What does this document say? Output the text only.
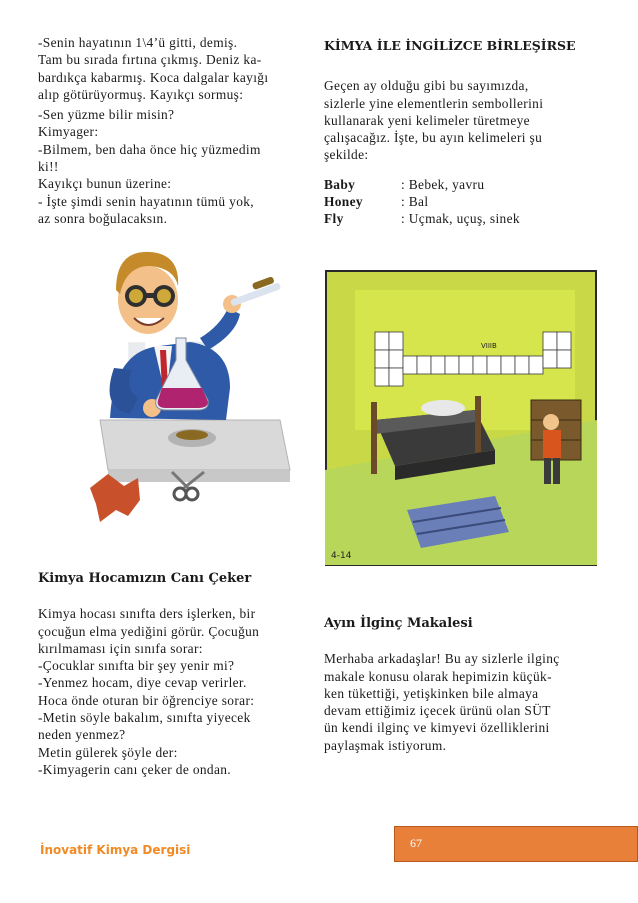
-Senin hayatının 1\4’ü gitti, demiş.

Tam bu sırada fırtına çıkmış. Deniz ka-

bardıkça kabarmış. Koca dalgalar kayığı

alıp götürüyormuş. Kayıkçı sormuş:

-Sen yüzme bilir misin?

Kimyager:

-Bilmem, ben daha önce hiç yüzmedim

ki!!

Kayıkçı bunun üzerine:

- İşte şimdi senin hayatının tümü yok,

az sonra boğulacaksın.

KİMYA İLE İNGİLİZCE BİRLEŞİRSE

Geçen ay olduğu gibi bu sayımızda,

sizlerle yine elementlerin sembollerini

kullanarak yeni kelimeler türetmeye

çalışacağız. İşte, bu ayın kelimeleri şu

şekilde:

Baby	: Bebek, yavru
Honey	: Bal
Fly	: Uçmak, uçuş, sinek
VIIIB
4-14

Kimya Hocamızın Canı Çeker

Kimya hocası sınıfta ders işlerken, bir

çocuğun elma yediğini görür. Çocuğun

kırılmaması için sınıfa sorar:

-Çocuklar sınıfta bir şey yenir mi?

-Yenmez hocam, diye cevap verirler.

Hoca önde oturan bir öğrenciye sorar:

-Metin söyle bakalım, sınıfta yiyecek

neden yenmez?

Metin gülerek şöyle der:

-Kimyagerin canı çeker de ondan.

Ayın İlginç Makalesi

Merhaba arkadaşlar! Bu ay sizlerle ilginç

makale konusu olarak hepimizin küçük-

ken tükettiği, yetişkinken bile almaya

devam ettiğimiz içecek ürünü olan SÜT

ün kendi ilginç ve kimyevi özelliklerini

paylaşmak istiyorum.

İnovatif Kimya Dergisi	67
